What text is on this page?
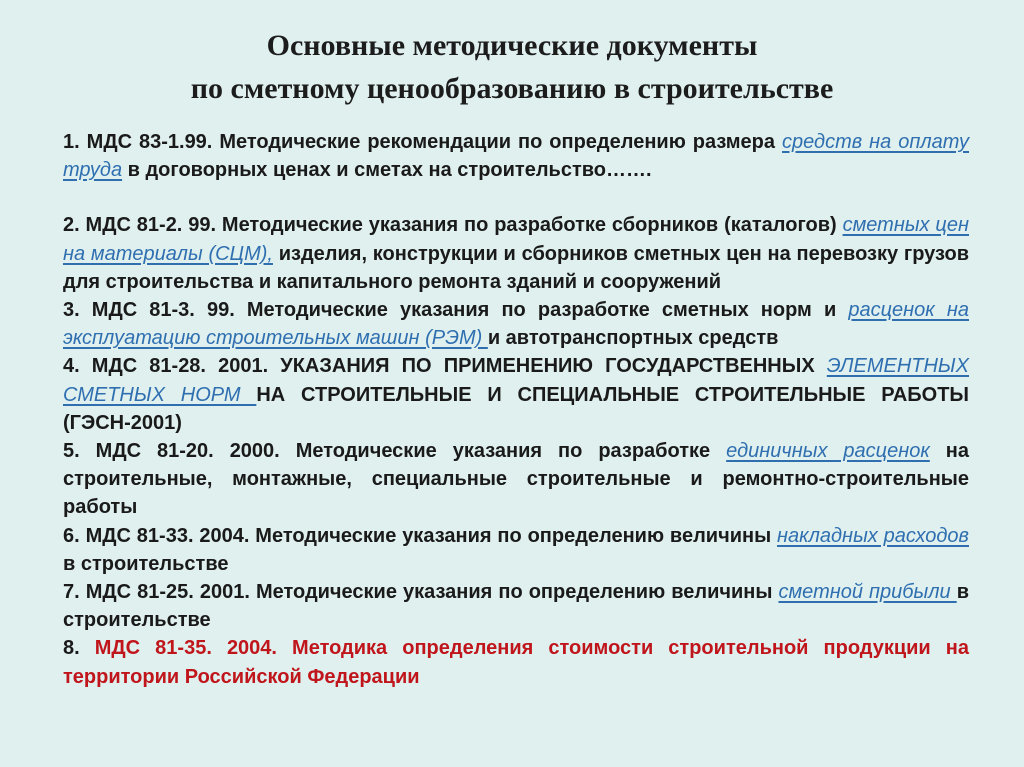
Основные методические документы
по сметному ценообразованию в строительстве

1. МДС 83-1.99. Методические рекомендации по определению размера средств на оплату труда в договорных ценах и сметах на строительство…….

2. МДС 81-2. 99. Методические указания по разработке сборников (каталогов) сметных цен на материалы (СЦМ), изделия, конструкции и сборников сметных цен на перевозку грузов для строительства и капитального ремонта зданий и сооружений

3. МДС 81-3. 99. Методические указания по разработке сметных норм и расценок на эксплуатацию строительных машин (РЭМ) и автотранспортных средств

4. МДС 81-28. 2001. УКАЗАНИЯ ПО ПРИМЕНЕНИЮ ГОСУДАРСТВЕННЫХ ЭЛЕМЕНТНЫХ СМЕТНЫХ НОРМ НА СТРОИТЕЛЬНЫЕ И СПЕЦИАЛЬНЫЕ СТРОИТЕЛЬНЫЕ РАБОТЫ (ГЭСН-2001)

5. МДС 81-20. 2000. Методические указания по разработке единичных расценок на строительные, монтажные, специальные строительные и ремонтно-строительные работы

6. МДС 81-33. 2004. Методические указания по определению величины накладных расходов в строительстве

7. МДС 81-25. 2001. Методические указания по определению величины сметной прибыли в строительстве

8. МДС 81-35. 2004. Методика определения стоимости строительной продукции на территории Российской Федерации
